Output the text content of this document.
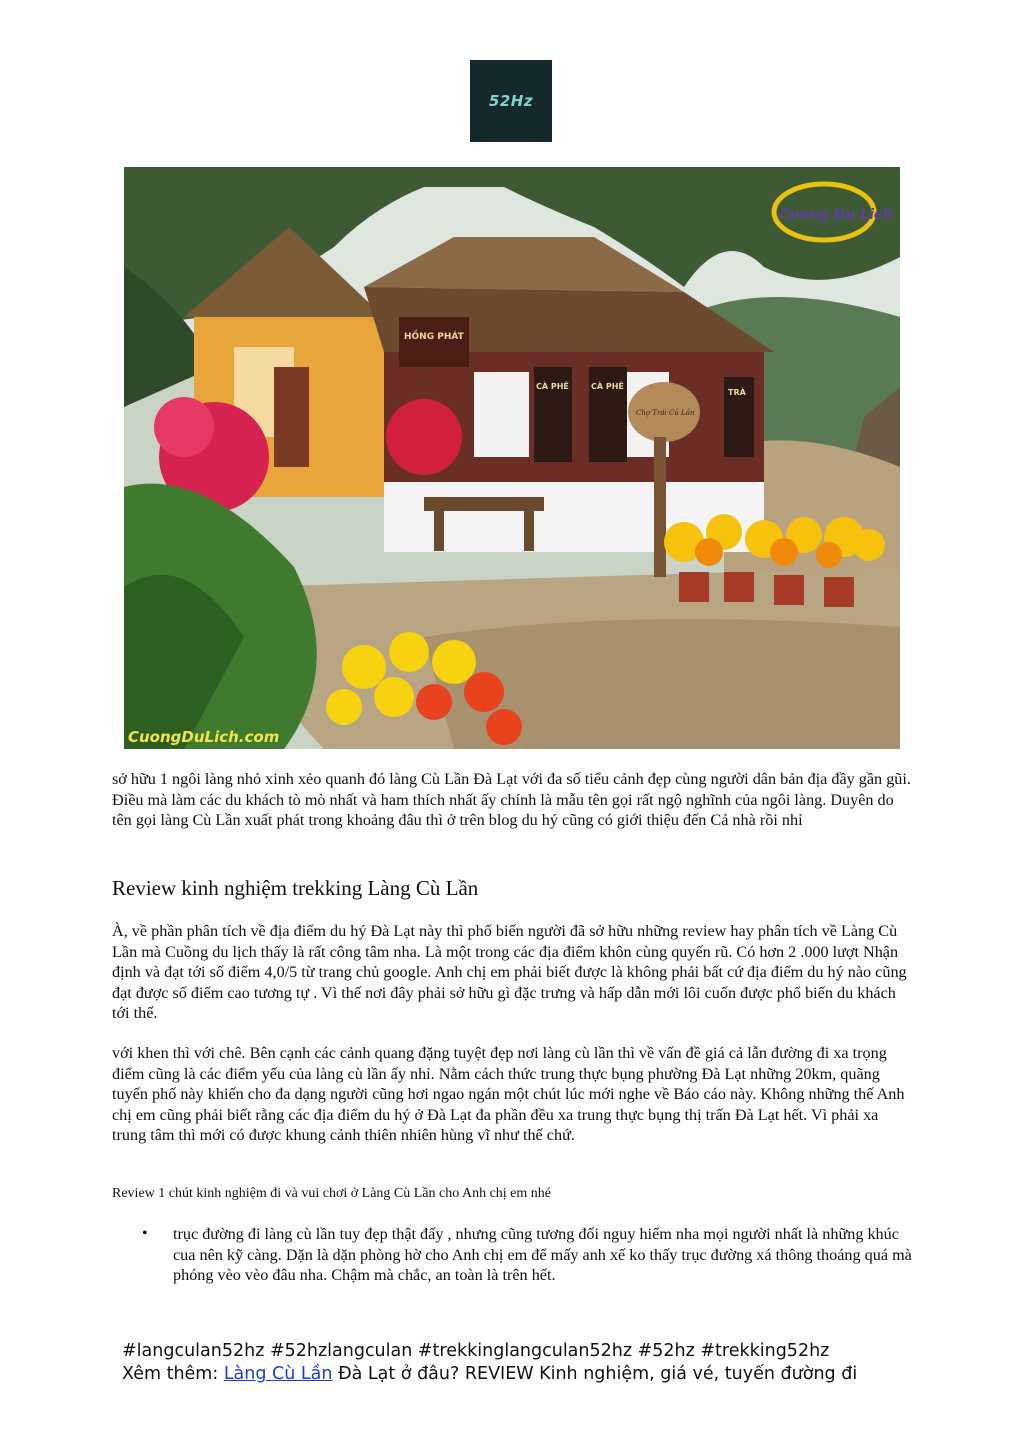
52Hz
Cuong Du Lich
CuongDuLich.com
HỒNG PHÁT
CÀ PHÊ	CÀ PHÊ
TRÀ
Chợ Trái Củ Lần

sở hữu 1 ngôi làng nhỏ xinh xẻo quanh đó làng Cù Lần Đà Lạt với đa số tiểu cảnh đẹp cùng người dân bản địa đầy gần gũi. Điều mà làm các du khách tò mò nhất và ham thích nhất ấy chính là mẫu tên gọi rất ngộ nghĩnh của ngôi làng. Duyên do tên gọi làng Cù Lần xuất phát trong khoảng đâu thì ở trên blog du hý cũng có giới thiệu đến Cả nhà rồi nhỉ

Review kinh nghiệm trekking Làng Cù Lần

À, về phần phân tích về địa điểm du hý Đà Lạt này thì phổ biến người đã sở hữu những review hay phân tích về Làng Cù Lần mà Cuồng du lịch thấy là rất công tâm nha. Là một trong các địa điểm khôn cùng quyến rũ. Có hơn 2 .000 lượt Nhận định và đạt tới số điểm 4,0/5 từ trang chủ google. Anh chị em phải biết được là không phải bất cứ địa điểm du hý nào cũng đạt được số điểm cao tương tự . Vì thế nơi đây phải sở hữu gì đặc trưng và hấp dẫn mới lôi cuốn được phổ biến du khách tới thế.

với khen thì với chê. Bên cạnh các cảnh quang đặng tuyệt đẹp nơi làng cù lần thì về vấn đề giá cả lẫn đường đi xa trọng điểm cũng là các điểm yếu của làng cù lần ấy nhỉ. Nằm cách thức trung thực bụng phường Đà Lạt những 20km, quãng tuyến phố này khiến cho đa dạng người cũng hơi ngao ngán một chút lúc mới nghe về Báo cáo này. Không những thế Anh chị em cũng phải biết rằng các địa điểm du hý ở Đà Lạt đa phần đều xa trung thực bụng thị trấn Đà Lạt hết. Vì phải xa trung tâm thì mới có được khung cảnh thiên nhiên hùng vĩ như thế chứ.

Review 1 chút kinh nghiệm đi và vui chơi ở Làng Cù Lần cho Anh chị em nhé

• trục đường đi làng cù lần tuy đẹp thật đấy , nhưng cũng tương đối nguy hiểm nha mọi người nhất là những khúc cua nên kỹ càng. Dặn là dặn phòng hờ cho Anh chị em để mấy anh xế ko thấy trục đường xá thông thoáng quá mà phóng vèo vèo đâu nha. Chậm mà chắc, an toàn là trên hết.

#langculan52hz #52hzlangculan #trekkinglangculan52hz #52hz #trekking52hz

Xêm thêm: Làng Cù Lần Đà Lạt ở đâu? REVIEW Kinh nghiệm, giá vé, tuyến đường đi
